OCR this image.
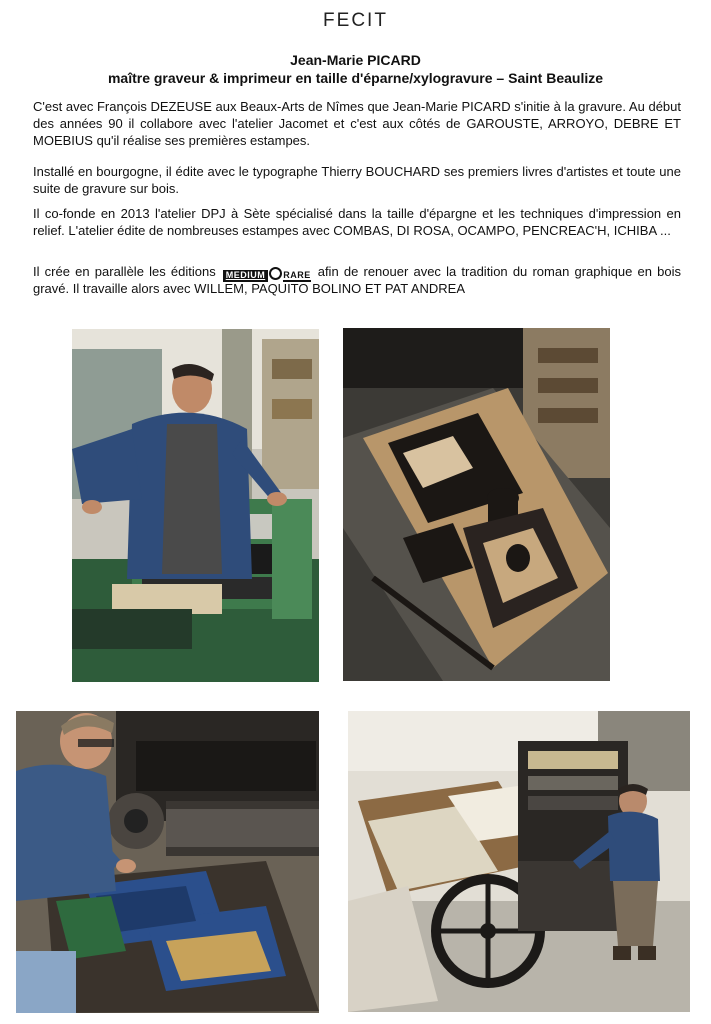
FECIT
Jean-Marie PICARD
maître graveur & imprimeur en taille d'éparne/xylogravure – Saint Beaulize

C'est avec François DEZEUSE aux Beaux-Arts de Nîmes que Jean-Marie PICARD s'initie à la gravure. Au début des années 90 il collabore avec l'atelier Jacomet et c'est aux côtés de GAROUSTE, ARROYO, DEBRE ET MOEBIUS qu'il réalise ses premières estampes.

Installé en bourgogne, il édite avec le typographe Thierry BOUCHARD ses premiers livres d'artistes et toute une suite de gravure sur bois.

Il co-fonde en 2013 l'atelier DPJ à Sète spécialisé dans la taille d'épargne et les techniques d'impression en relief. L'atelier édite de nombreuses estampes avec COMBAS, DI ROSA, OCAMPO, PENCREAC'H, ICHIBA ...

Il crée en parallèle les éditions MEDIUM RARE afin de renouer avec la tradition du roman graphique en bois gravé. Il travaille alors avec WILLEM, PAQUITO BOLINO ET PAT ANDREA
